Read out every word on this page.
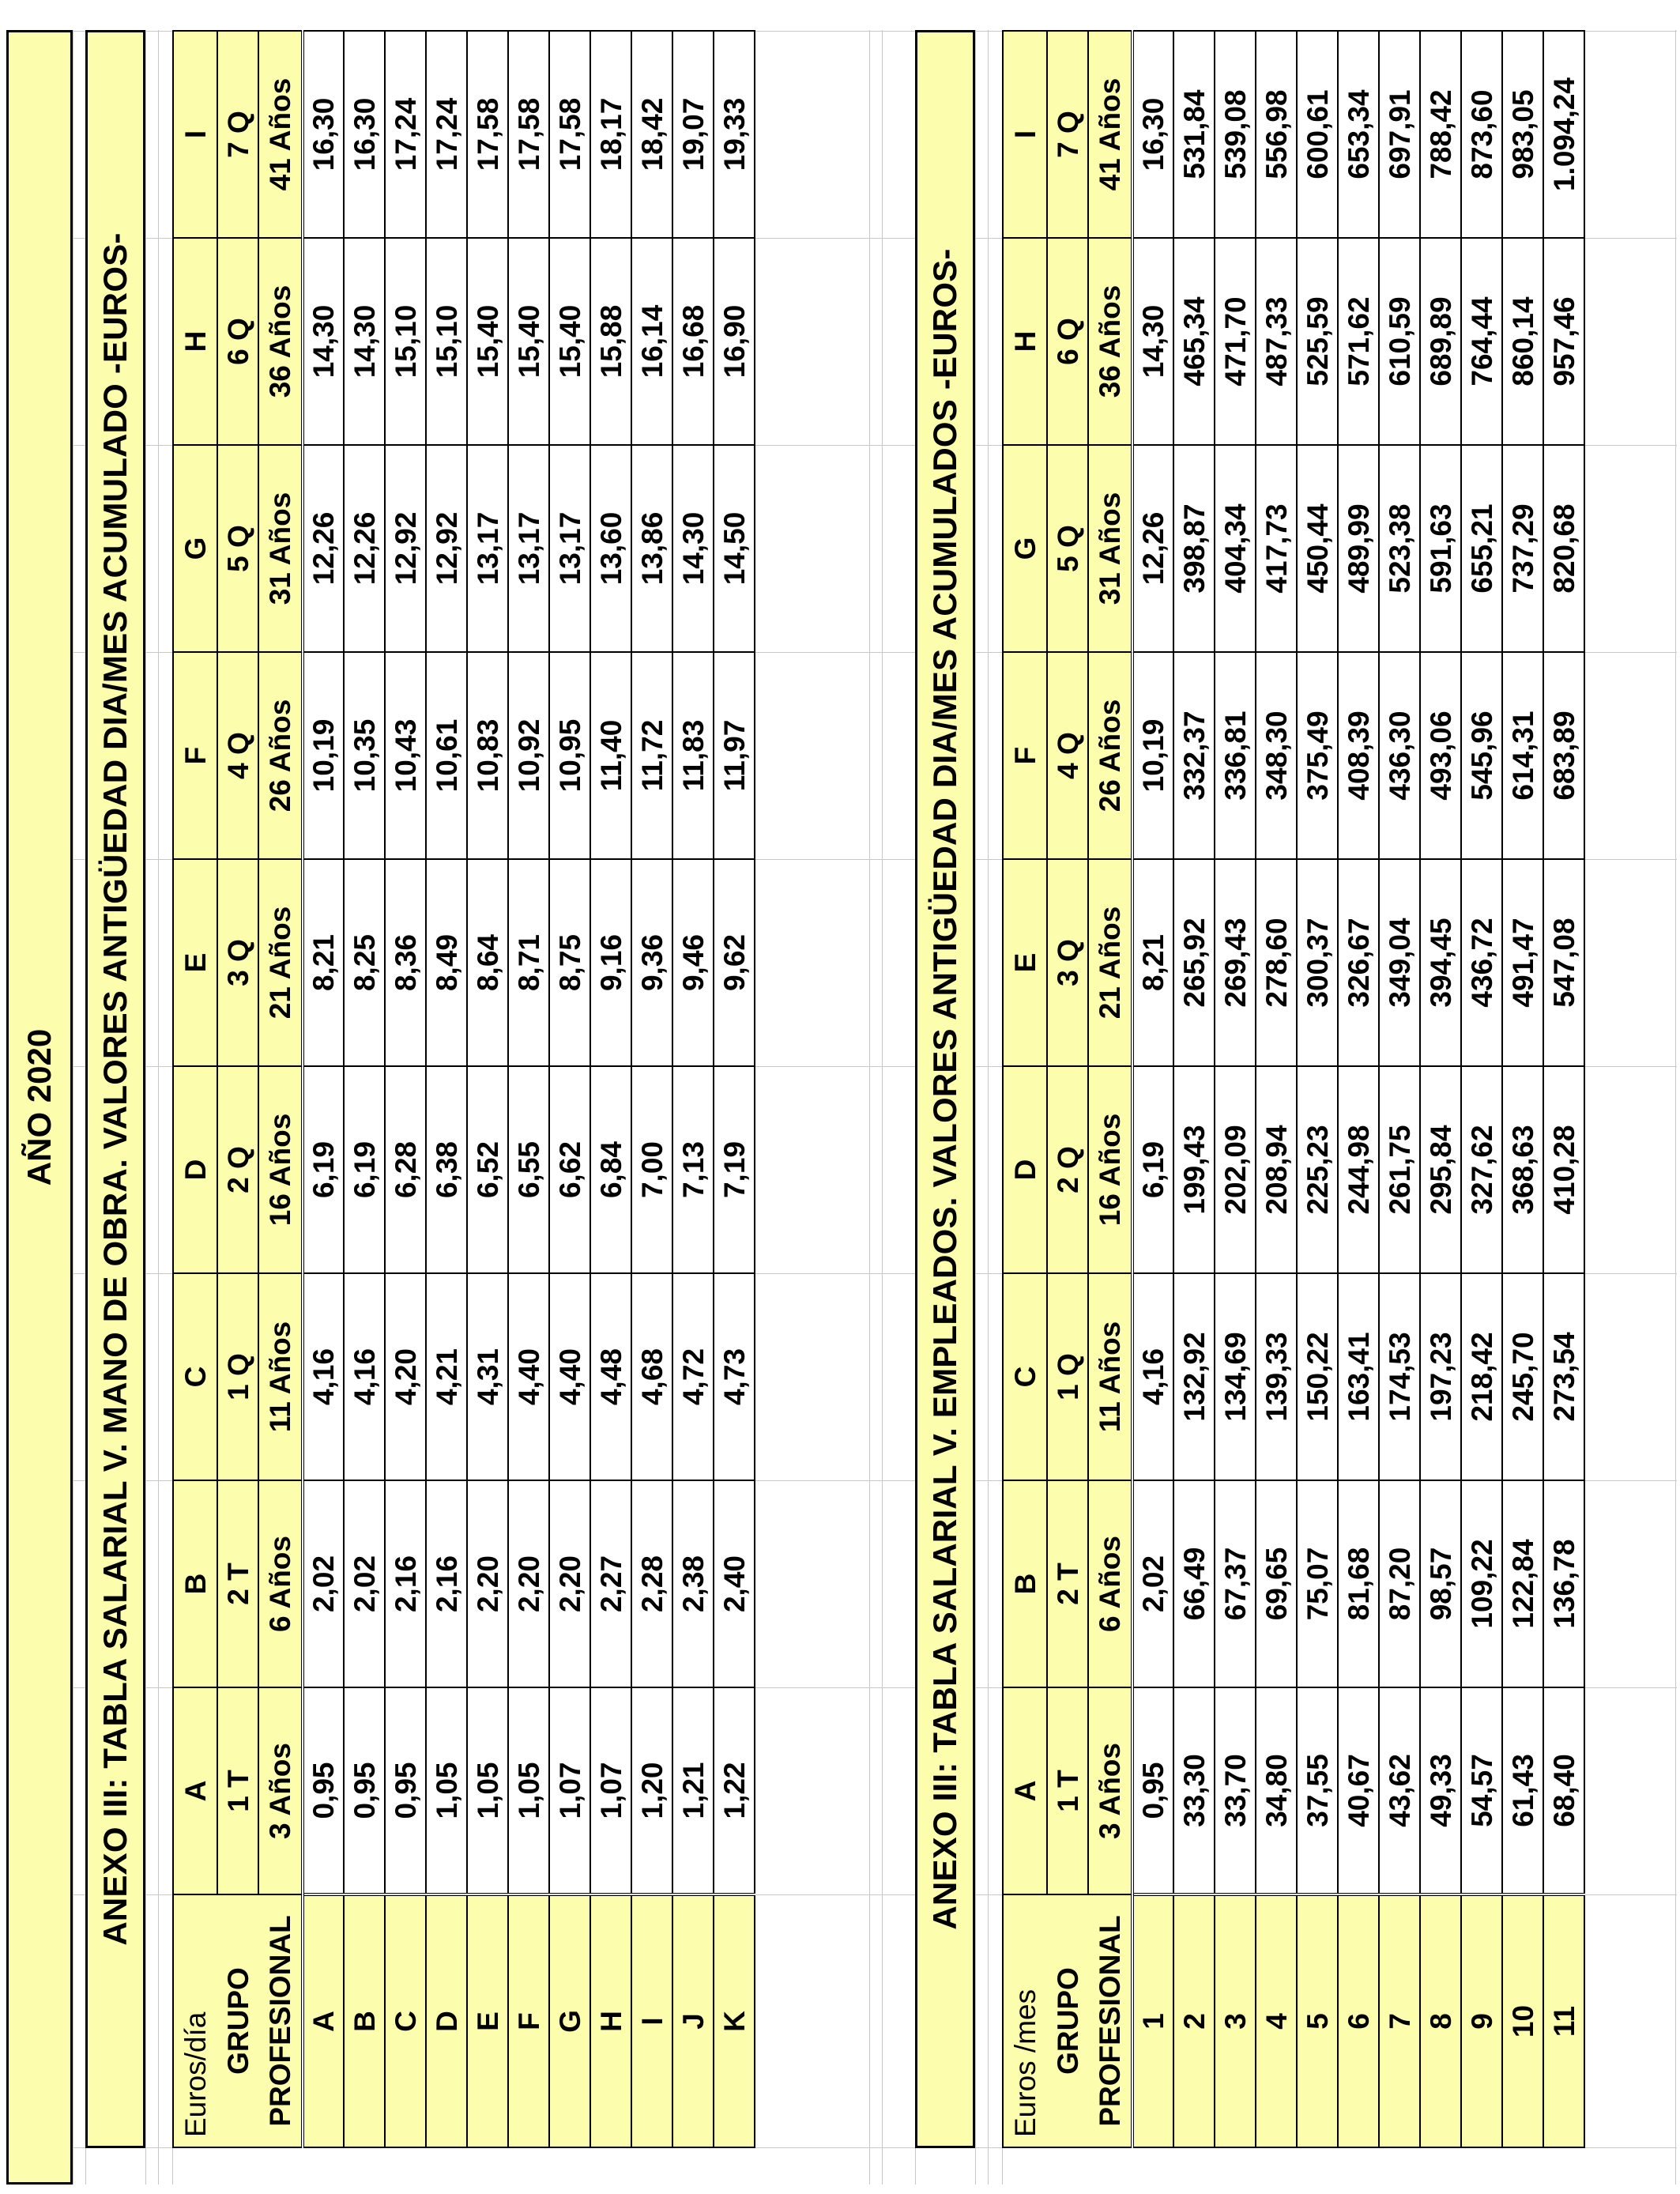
AÑO 2020	ANEXO III: TABLA SALARIAL V. MANO DE OBRA. VALORES ANTIGÜEDAD DIA/MES ACUMULADO -EUROS-
Euros/día	A	B	C	D	E	F	G	H	I
GRUPO	1 T	2 T	1 Q	2 Q	3 Q	4 Q	5 Q	6 Q	7 Q
PROFESIONAL	3 Años	6 Años	11 Años	16 Años	21 Años	26 Años	31 Años	36 Años	41 Años
A	0,95	2,02	4,16	6,19	8,21	10,19	12,26	14,30	16,30
B	0,95	2,02	4,16	6,19	8,25	10,35	12,26	14,30	16,30
C	0,95	2,16	4,20	6,28	8,36	10,43	12,92	15,10	17,24
D	1,05	2,16	4,21	6,38	8,49	10,61	12,92	15,10	17,24
E	1,05	2,20	4,31	6,52	8,64	10,83	13,17	15,40	17,58
F	1,05	2,20	4,40	6,55	8,71	10,92	13,17	15,40	17,58
G	1,07	2,20	4,40	6,62	8,75	10,95	13,17	15,40	17,58
H	1,07	2,27	4,48	6,84	9,16	11,40	13,60	15,88	18,17
I	1,20	2,28	4,68	7,00	9,36	11,72	13,86	16,14	18,42
J	1,21	2,38	4,72	7,13	9,46	11,83	14,30	16,68	19,07
K	1,22	2,40	4,73	7,19	9,62	11,97	14,50	16,90	19,33
ANEXO III: TABLA SALARIAL V. EMPLEADOS. VALORES ANTIGÜEDAD DIA/MES ACUMULADOS -EUROS-
Euros /mes	A	B	C	D	E	F	G	H	I
GRUPO	1 T	2 T	1 Q	2 Q	3 Q	4 Q	5 Q	6 Q	7 Q
PROFESIONAL	3 Años	6 Años	11 Años	16 Años	21 Años	26 Años	31 Años	36 Años	41 Años
1	0,95	2,02	4,16	6,19	8,21	10,19	12,26	14,30	16,30
2	33,30	66,49	132,92	199,43	265,92	332,37	398,87	465,34	531,84
3	33,70	67,37	134,69	202,09	269,43	336,81	404,34	471,70	539,08
4	34,80	69,65	139,33	208,94	278,60	348,30	417,73	487,33	556,98
5	37,55	75,07	150,22	225,23	300,37	375,49	450,44	525,59	600,61
6	40,67	81,68	163,41	244,98	326,67	408,39	489,99	571,62	653,34
7	43,62	87,20	174,53	261,75	349,04	436,30	523,38	610,59	697,91
8	49,33	98,57	197,23	295,84	394,45	493,06	591,63	689,89	788,42
9	54,57	109,22	218,42	327,62	436,72	545,96	655,21	764,44	873,60
10	61,43	122,84	245,70	368,63	491,47	614,31	737,29	860,14	983,05
11	68,40	136,78	273,54	410,28	547,08	683,89	820,68	957,46	1.094,24
